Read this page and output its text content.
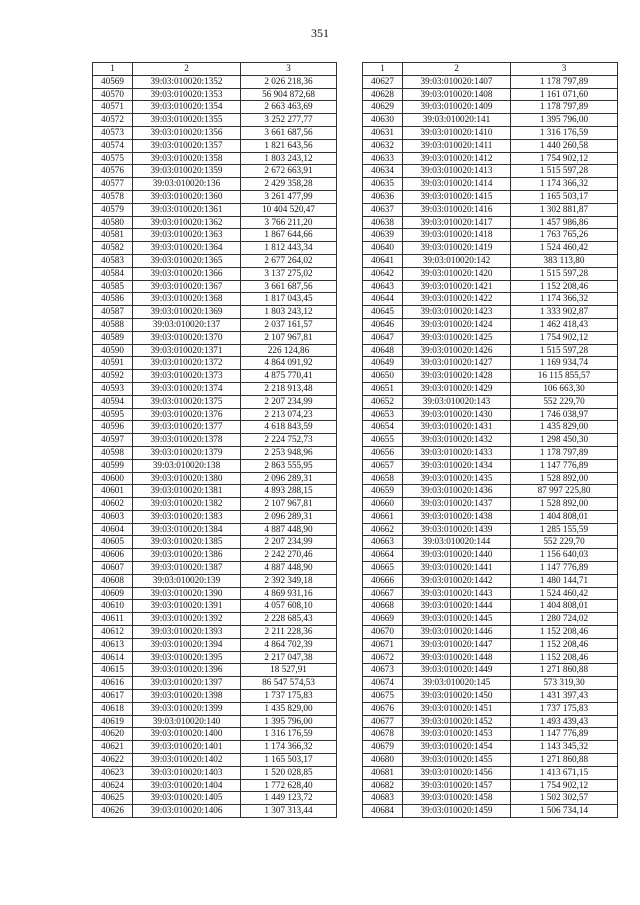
351
1	2	3
40569	39:03:010020:1352	2 026 218,36
40570	39:03:010020:1353	56 904 872,68
40571	39:03:010020:1354	2 663 463,69
40572	39:03:010020:1355	3 252 277,77
40573	39:03:010020:1356	3 661 687,56
40574	39:03:010020:1357	1 821 643,56
40575	39:03:010020:1358	1 803 243,12
40576	39:03:010020:1359	2 672 663,91
40577	39:03:010020:136	2 429 358,28
40578	39:03:010020:1360	3 261 477,99
40579	39:03:010020:1361	10 404 520,47
40580	39:03:010020:1362	3 766 211,20
40581	39:03:010020:1363	1 867 644,66
40582	39:03:010020:1364	1 812 443,34
40583	39:03:010020:1365	2 677 264,02
40584	39:03:010020:1366	3 137 275,02
40585	39:03:010020:1367	3 661 687,56
40586	39:03:010020:1368	1 817 043,45
40587	39:03:010020:1369	1 803 243,12
40588	39:03:010020:137	2 037 161,57
40589	39:03:010020:1370	2 107 967,81
40590	39:03:010020:1371	226 124,86
40591	39:03:010020:1372	4 864 091,92
40592	39:03:010020:1373	4 875 770,41
40593	39:03:010020:1374	2 218 913,48
40594	39:03:010020:1375	2 207 234,99
40595	39:03:010020:1376	2 213 074,23
40596	39:03:010020:1377	4 618 843,59
40597	39:03:010020:1378	2 224 752,73
40598	39:03:010020:1379	2 253 948,96
40599	39:03:010020:138	2 863 555,95
40600	39:03:010020:1380	2 096 289,31
40601	39:03:010020:1381	4 893 288,15
40602	39:03:010020:1382	2 107 967,81
40603	39:03:010020:1383	2 096 289,31
40604	39:03:010020:1384	4 887 448,90
40605	39:03:010020:1385	2 207 234,99
40606	39:03:010020:1386	2 242 270,46
40607	39:03:010020:1387	4 887 448,90
40608	39:03:010020:139	2 392 349,18
40609	39:03:010020:1390	4 869 931,16
40610	39:03:010020:1391	4 057 608,10
40611	39:03:010020:1392	2 228 685,43
40612	39:03:010020:1393	2 211 228,36
40613	39:03:010020:1394	4 864 702,39
40614	39:03:010020:1395	2 217 047,38
40615	39:03:010020:1396	18 527,91
40616	39:03:010020:1397	86 547 574,53
40617	39:03:010020:1398	1 737 175,83
40618	39:03:010020:1399	1 435 829,00
40619	39:03:010020:140	1 395 796,00
40620	39:03:010020:1400	1 316 176,59
40621	39:03:010020:1401	1 174 366,32
40622	39:03:010020:1402	1 165 503,17
40623	39:03:010020:1403	1 520 028,85
40624	39:03:010020:1404	1 772 628,40
40625	39:03:010020:1405	1 449 123,72
40626	39:03:010020:1406	1 307 313,44
1	2	3
40627	39:03:010020:1407	1 178 797,89
40628	39:03:010020:1408	1 161 071,60
40629	39:03:010020:1409	1 178 797,89
40630	39:03:010020:141	1 395 796,00
40631	39:03:010020:1410	1 316 176,59
40632	39:03:010020:1411	1 440 260,58
40633	39:03:010020:1412	1 754 902,12
40634	39:03:010020:1413	1 515 597,28
40635	39:03:010020:1414	1 174 366,32
40636	39:03:010020:1415	1 165 503,17
40637	39:03:010020:1416	1 302 881,87
40638	39:03:010020:1417	1 457 986,86
40639	39:03:010020:1418	1 763 765,26
40640	39:03:010020:1419	1 524 460,42
40641	39:03:010020:142	383 113,80
40642	39:03:010020:1420	1 515 597,28
40643	39:03:010020:1421	1 152 208,46
40644	39:03:010020:1422	1 174 366,32
40645	39:03:010020:1423	1 333 902,87
40646	39:03:010020:1424	1 462 418,43
40647	39:03:010020:1425	1 754 902,12
40648	39:03:010020:1426	1 515 597,28
40649	39:03:010020:1427	1 169 934,74
40650	39:03:010020:1428	16 115 855,57
40651	39:03:010020:1429	106 663,30
40652	39:03:010020:143	552 229,70
40653	39:03:010020:1430	1 746 038,97
40654	39:03:010020:1431	1 435 829,00
40655	39:03:010020:1432	1 298 450,30
40656	39:03:010020:1433	1 178 797,89
40657	39:03:010020:1434	1 147 776,89
40658	39:03:010020:1435	1 528 892,00
40659	39:03:010020:1436	87 997 225,80
40660	39:03:010020:1437	1 528 892,00
40661	39:03:010020:1438	1 404 808,01
40662	39:03:010020:1439	1 285 155,59
40663	39:03:010020:144	552 229,70
40664	39:03:010020:1440	1 156 640,03
40665	39:03:010020:1441	1 147 776,89
40666	39:03:010020:1442	1 480 144,71
40667	39:03:010020:1443	1 524 460,42
40668	39:03:010020:1444	1 404 808,01
40669	39:03:010020:1445	1 280 724,02
40670	39:03:010020:1446	1 152 208,46
40671	39:03:010020:1447	1 152 208,46
40672	39:03:010020:1448	1 152 208,46
40673	39:03:010020:1449	1 271 860,88
40674	39:03:010020:145	573 319,30
40675	39:03:010020:1450	1 431 397,43
40676	39:03:010020:1451	1 737 175,83
40677	39:03:010020:1452	1 493 439,43
40678	39:03:010020:1453	1 147 776,89
40679	39:03:010020:1454	1 143 345,32
40680	39:03:010020:1455	1 271 860,88
40681	39:03:010020:1456	1 413 671,15
40682	39:03:010020:1457	1 754 902,12
40683	39:03:010020:1458	1 502 302,57
40684	39:03:010020:1459	1 506 734,14
